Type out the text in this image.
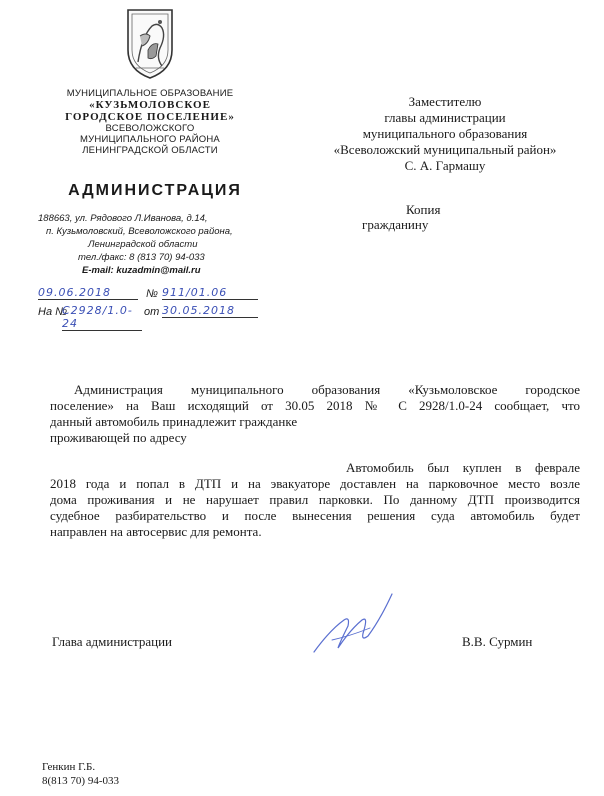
МУНИЦИПАЛЬНОЕ ОБРАЗОВАНИЕ
«КУЗЬМОЛОВСКОЕ
ГОРОДСКОЕ ПОСЕЛЕНИЕ»
ВСЕВОЛОЖСКОГО
МУНИЦИПАЛЬНОГО РАЙОНА
ЛЕНИНГРАДСКОЙ ОБЛАСТИ
АДМИНИСТРАЦИЯ
188663, ул. Рядового Л.Иванова, д.14,
п. Кузьмоловский, Всеволожского района,
Ленинградской области
тел./факс: 8 (813 70) 94-033
E-mail: kuzadmin@mail.ru
09.06.2018	№ 911/01.06
На №
С2928/1.0-24
от 30.05.2018
Заместителю
главы администрации
муниципального образования
«Всеволожский муниципальный район»
С. А. Гармашу
Копия
гражданину
Администрация муниципального образования «Кузьмоловское городское
поселение» на Ваш исходящий от 30.05 2018 № С 2928/1.0-24 сообщает, что
данный автомобиль принадлежит гражданке
проживающей по адресу
Автомобиль был куплен в феврале
2018 года и попал в ДТП и на эвакуаторе доставлен на парковочное место возле
дома проживания и не нарушает правил парковки. По данному ДТП производится
судебное разбирательство и после вынесения решения суда автомобиль будет
направлен на автосервис для ремонта.
Глава администрации	В.В. Сурмин
Генкин Г.Б.
8(813 70) 94-033
